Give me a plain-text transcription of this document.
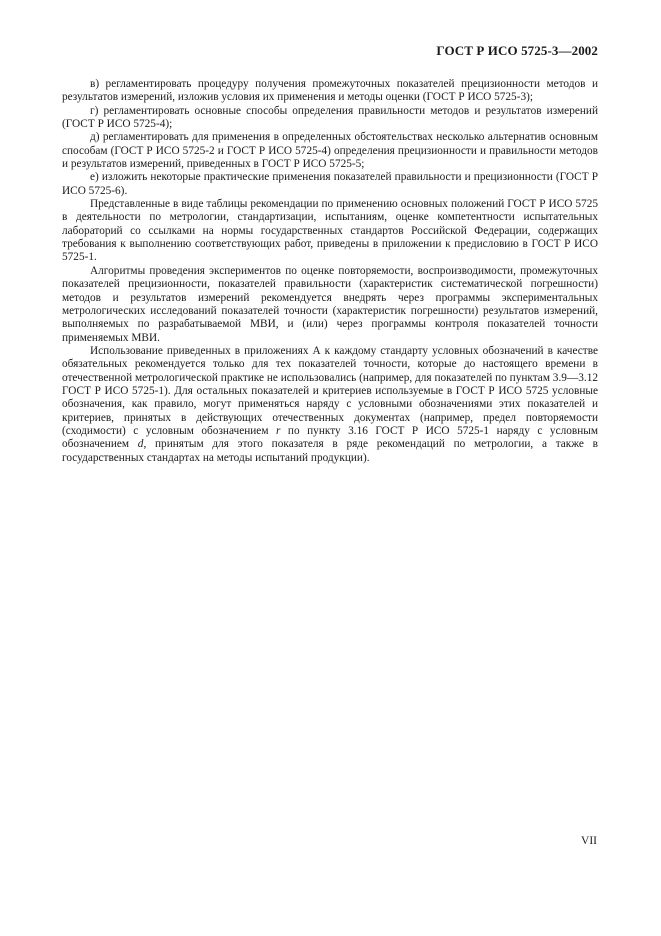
ГОСТ Р ИСО 5725-3—2002

в) регламентировать процедуру получения промежуточных показателей прецизионности методов и результатов измерений, изложив условия их применения и методы оценки (ГОСТ Р ИСО 5725-3);

г) регламентировать основные способы определения правильности методов и результатов измерений (ГОСТ Р ИСО 5725-4);

д) регламентировать для применения в определенных обстоятельствах несколько альтернатив основным способам (ГОСТ Р ИСО 5725-2 и ГОСТ Р ИСО 5725-4) определения прецизионности и правильности методов и результатов измерений, приведенных в ГОСТ Р ИСО 5725-5;

е) изложить некоторые практические применения показателей правильности и прецизионности (ГОСТ Р ИСО 5725-6).

Представленные в виде таблицы рекомендации по применению основных положений ГОСТ Р ИСО 5725 в деятельности по метрологии, стандартизации, испытаниям, оценке компетентности испытательных лабораторий со ссылками на нормы государственных стандартов Российской Федерации, содержащих требования к выполнению соответствующих работ, приведены в приложении к предисловию в ГОСТ Р ИСО 5725-1.

Алгоритмы проведения экспериментов по оценке повторяемости, воспроизводимости, промежуточных показателей прецизионности, показателей правильности (характеристик систематической погрешности) методов и результатов измерений рекомендуется внедрять через программы экспериментальных метрологических исследований показателей точности (характеристик погрешности) результатов измерений, выполняемых по разрабатываемой МВИ, и (или) через программы контроля показателей точности применяемых МВИ.

Использование приведенных в приложениях А к каждому стандарту условных обозначений в качестве обязательных рекомендуется только для тех показателей точности, которые до настоящего времени в отечественной метрологической практике не использовались (например, для показателей по пунктам 3.9—3.12 ГОСТ Р ИСО 5725-1). Для остальных показателей и критериев используемые в ГОСТ Р ИСО 5725 условные обозначения, как правило, могут применяться наряду с условными обозначениями этих показателей и критериев, принятых в действующих отечественных документах (например, предел повторяемости (сходимости) с условным обозначением r по пункту 3.16 ГОСТ Р ИСО 5725-1 наряду с условным обозначением d, принятым для этого показателя в ряде рекомендаций по метрологии, а также в государственных стандартах на методы испытаний продукции).

VII
